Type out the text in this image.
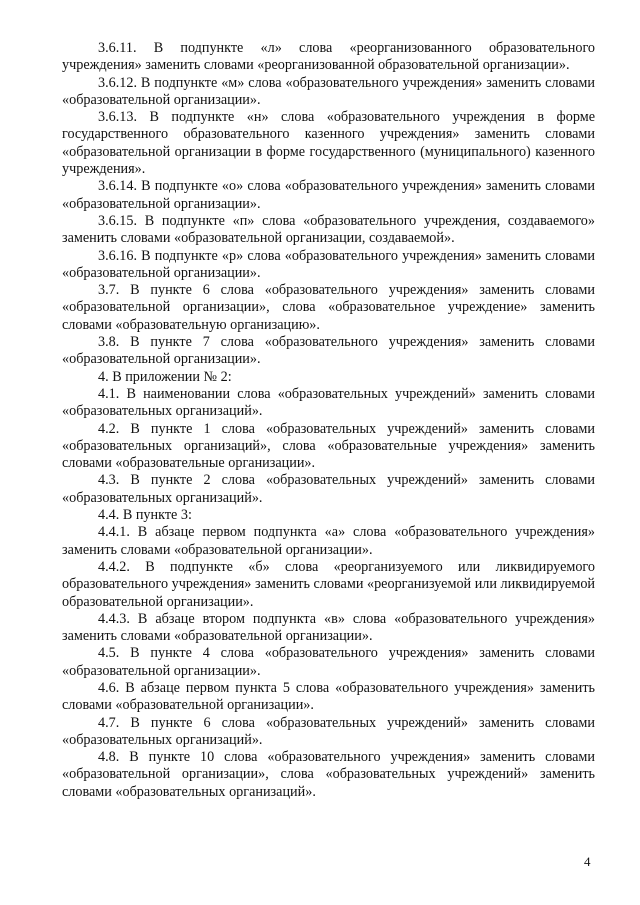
3.6.11. В подпункте «л» слова «реорганизованного образовательного учреждения» заменить словами «реорганизованной образовательной организации».

3.6.12. В подпункте «м» слова «образовательного учреждения» заменить словами «образовательной организации».

3.6.13. В подпункте «н» слова «образовательного учреждения в форме государственного образовательного казенного учреждения» заменить словами «образовательной организации в форме государственного (муниципального) казенного учреждения».

3.6.14. В подпункте «о» слова «образовательного учреждения» заменить словами «образовательной организации».

3.6.15. В подпункте «п» слова «образовательного учреждения, создаваемого» заменить словами «образовательной организации, создаваемой».

3.6.16. В подпункте «р» слова «образовательного учреждения» заменить словами «образовательной организации».

3.7. В пункте 6 слова «образовательного учреждения» заменить словами «образовательной организации», слова «образовательное учреждение» заменить словами «образовательную организацию».

3.8. В пункте 7 слова «образовательного учреждения» заменить словами «образовательной организации».

4. В приложении № 2:

4.1. В наименовании слова «образовательных учреждений» заменить словами «образовательных организаций».

4.2. В пункте 1 слова «образовательных учреждений» заменить словами «образовательных организаций», слова «образовательные учреждения» заменить словами «образовательные организации».

4.3. В пункте 2 слова «образовательных учреждений» заменить словами «образовательных организаций».

4.4. В пункте 3:

4.4.1. В абзаце первом подпункта «а» слова «образовательного учреждения» заменить словами «образовательной организации».

4.4.2. В подпункте «б» слова «реорганизуемого или ликвидируемого образовательного учреждения» заменить словами «реорганизуемой или ликвидируемой образовательной организации».

4.4.3. В абзаце втором подпункта «в» слова «образовательного учреждения» заменить словами «образовательной организации».

4.5. В пункте 4 слова «образовательного учреждения» заменить словами «образовательной организации».

4.6. В абзаце первом пункта 5 слова «образовательного учреждения» заменить словами «образовательной организации».

4.7. В пункте 6 слова «образовательных учреждений» заменить словами «образовательных организаций».

4.8. В пункте 10 слова «образовательного учреждения» заменить словами «образовательной организации», слова «образовательных учреждений» заменить словами «образовательных организаций».

4
